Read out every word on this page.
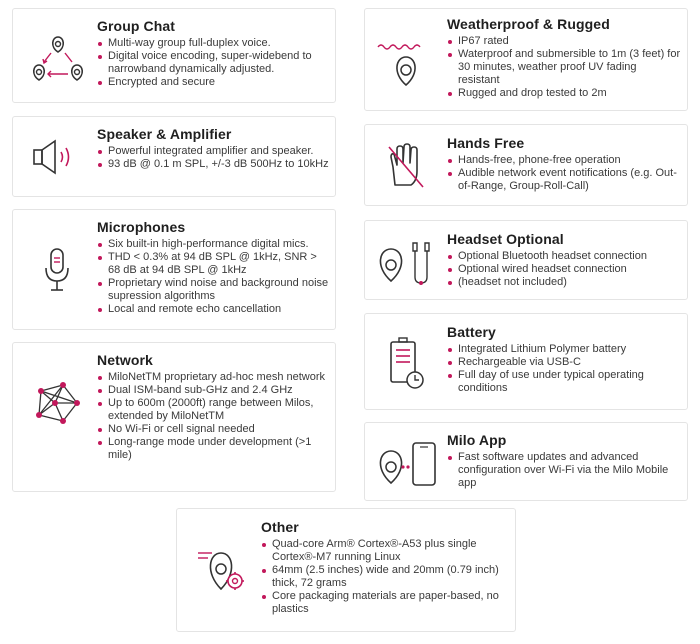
Group Chat
Multi-way group full-duplex voice.
Digital voice encoding, super-widebend to narrowband dynamically adjusted.
Encrypted and secure
Speaker & Amplifier
Powerful integrated amplifier and speaker.
93 dB @ 0.1 m SPL, +/-3 dB 500Hz to 10kHz
Microphones
Six built-in high-performance digital mics.
THD < 0.3% at 94 dB SPL @ 1kHz, SNR > 68 dB at 94 dB SPL @ 1kHz
Proprietary wind noise and background noise supression algorithms
Local and remote echo cancellation
Network
MiloNetTM proprietary ad-hoc mesh network
Dual ISM-band sub-GHz and 2.4 GHz
Up to 600m (2000ft) range between Milos, extended by MiloNetTM
No Wi-Fi or cell signal needed
Long-range mode under development (>1 mile)
Weatherproof & Rugged
IP67 rated
Waterproof and submersible to 1m (3 feet) for 30 minutes, weather proof UV fading resistant
Rugged and drop tested to 2m
Hands Free
Hands-free, phone-free operation
Audible network event notifications (e.g. Out-of-Range, Group-Roll-Call)
Headset Optional
Optional Bluetooth headset connection
Optional wired headset connection
(headset not included)
Battery
Integrated Lithium Polymer battery
Rechargeable via USB-C
Full day of use under typical operating conditions
Milo App
Fast software updates and advanced configuration over Wi-Fi via the Milo Mobile app
Other
Quad-core Arm® Cortex®-A53 plus single Cortex®-M7 running Linux
64mm (2.5 inches) wide and 20mm (0.79 inch) thick, 72 grams
Core packaging materials are paper-based, no plastics
